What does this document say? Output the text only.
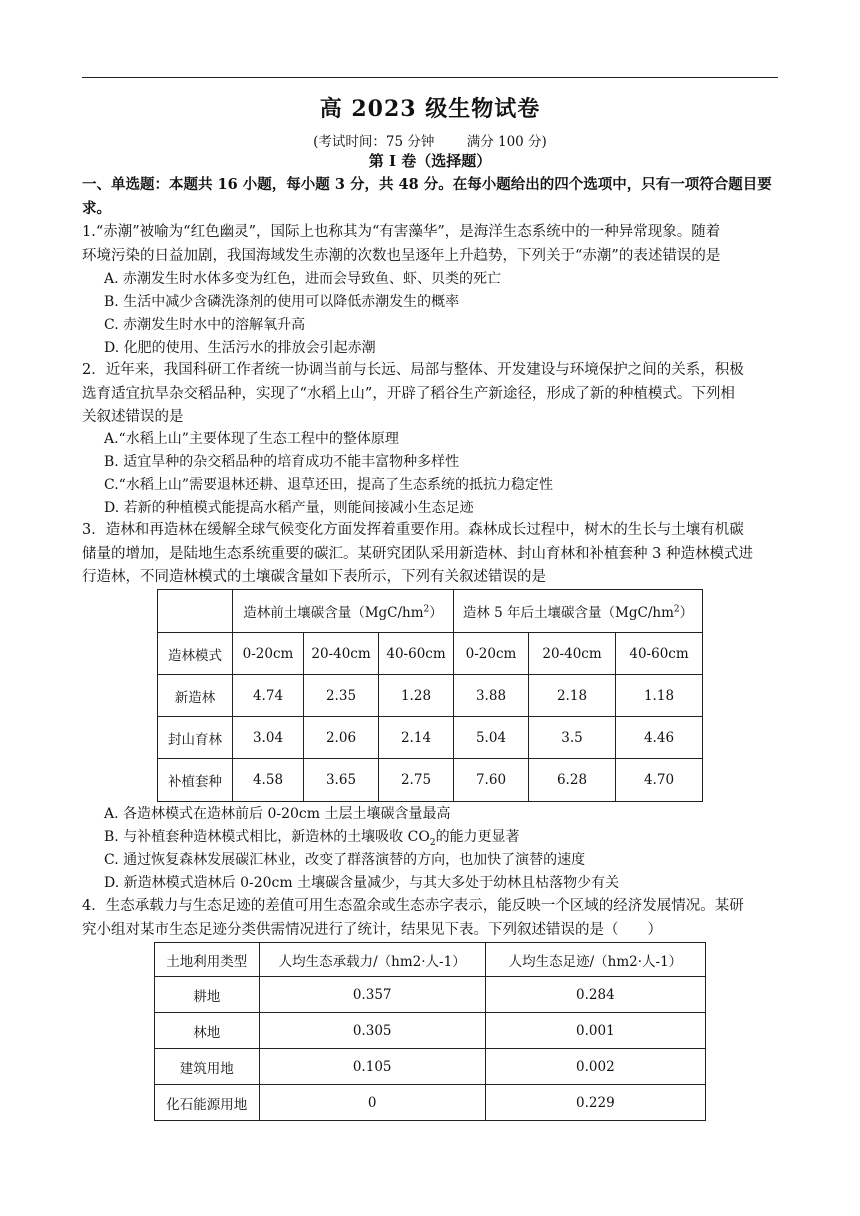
高 2023 级生物试卷
(考试时间：75 分钟 满分 100 分)
第 I 卷（选择题）
一、单选题：本题共 16 小题，每小题 3 分，共 48 分。在每小题给出的四个选项中，只有一项符合题目要
求。
1.“赤潮”被喻为“红色幽灵”，国际上也称其为“有害藻华”，是海洋生态系统中的一种异常现象。随着
环境污染的日益加剧，我国海域发生赤潮的次数也呈逐年上升趋势，下列关于“赤潮”的表述错误的是
A. 赤潮发生时水体多变为红色，进而会导致鱼、虾、贝类的死亡
B. 生活中减少含磷洗涤剂的使用可以降低赤潮发生的概率
C. 赤潮发生时水中的溶解氧升高
D. 化肥的使用、生活污水的排放会引起赤潮
2．近年来，我国科研工作者统一协调当前与长远、局部与整体、开发建设与环境保护之间的关系，积极
选育适宜抗旱杂交稻品种，实现了“水稻上山”，开辟了稻谷生产新途径，形成了新的种植模式。下列相
关叙述错误的是
A.“水稻上山”主要体现了生态工程中的整体原理
B. 适宜旱种的杂交稻品种的培育成功不能丰富物种多样性
C.“水稻上山”需要退林还耕、退草还田，提高了生态系统的抵抗力稳定性
D. 若新的种植模式能提高水稻产量，则能间接减小生态足迹
3．造林和再造林在缓解全球气候变化方面发挥着重要作用。森林成长过程中，树木的生长与土壤有机碳
储量的增加，是陆地生态系统重要的碳汇。某研究团队采用新造林、封山育林和补植套种 3 种造林模式进
行造林，不同造林模式的土壤碳含量如下表所示，下列有关叙述错误的是
	造林前土壤碳含量$(MgC/hm^2)$			造林 5 年后土壤碳含量$(MgC/hm^2)$		
造林模式	0-20cm	20-40cm	40-60cm	0-20cm	20-40cm	40-60cm
新造林	4.74	2.35	1.28	3.88	2.18	1.18
封山育林	3.04	2.06	2.14	5.04	3.5	4.46
补植套种	4.58	3.65	2.75	7.60	6.28	4.70
A. 各造林模式在造林前后 0-20cm 土层土壤碳含量最高
B. 与补植套种造林模式相比，新造林的土壤吸收 $CO_2$的能力更显著
C. 通过恢复森林发展碳汇林业，改变了群落演替的方向，也加快了演替的速度
D. 新造林模式造林后 0-20cm 土壤碳含量减少，与其大多处于幼林且枯落物少有关
4．生态承载力与生态足迹的差值可用生态盈余或生态赤字表示，能反映一个区域的经济发展情况。某研
究小组对某市生态足迹分类供需情况进行了统计，结果见下表。下列叙述错误的是（　　）
土地利用类型	人均生态承载力/（hm2·人-1）	人均生态足迹/（hm2·人-1）
耕地	0.357	0.284
林地	0.305	0.001
建筑用地	0.105	0.002
化石能源用地	0	0.229
